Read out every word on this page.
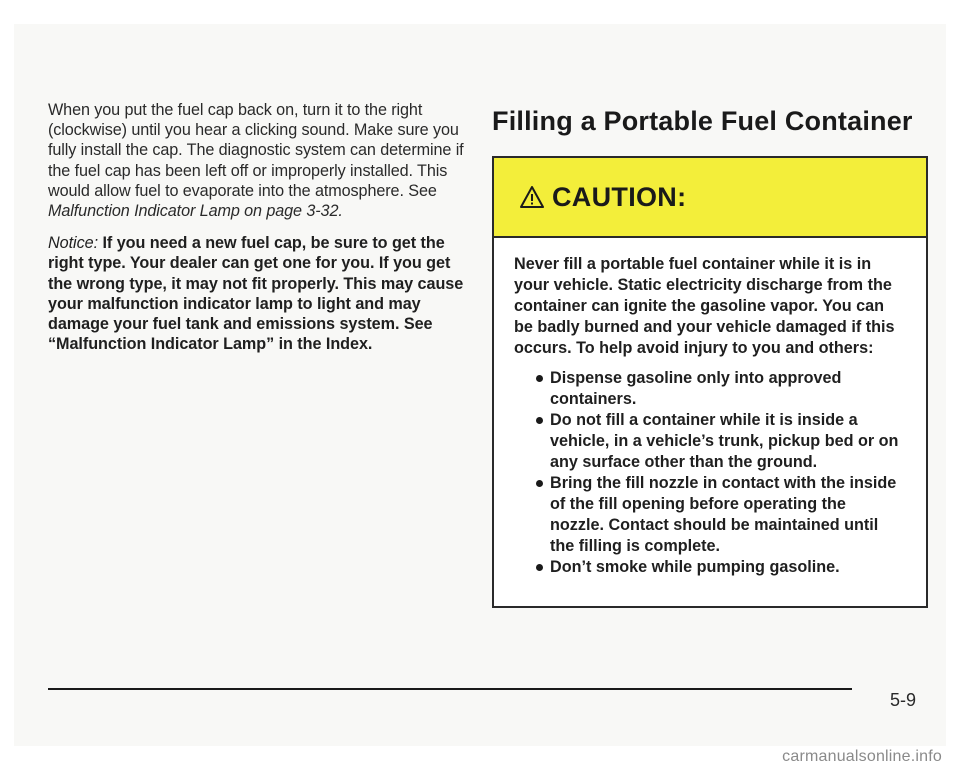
When you put the fuel cap back on, turn it to the right (clockwise) until you hear a clicking sound. Make sure you fully install the cap. The diagnostic system can determine if the fuel cap has been left off or improperly installed. This would allow fuel to evaporate into the atmosphere. See Malfunction Indicator Lamp on page 3-32.

Notice: If you need a new fuel cap, be sure to get the right type. Your dealer can get one for you. If you get the wrong type, it may not fit properly. This may cause your malfunction indicator lamp to light and may damage your fuel tank and emissions system. See “Malfunction Indicator Lamp” in the Index.

Filling a Portable Fuel Container
CAUTION:

Never fill a portable fuel container while it is in your vehicle. Static electricity discharge from the container can ignite the gasoline vapor. You can be badly burned and your vehicle damaged if this occurs. To help avoid injury to you and others:

Dispense gasoline only into approved containers.
Do not fill a container while it is inside a vehicle, in a vehicle’s trunk, pickup bed or on any surface other than the ground.
Bring the fill nozzle in contact with the inside of the fill opening before operating the nozzle. Contact should be maintained until the filling is complete.
Don’t smoke while pumping gasoline.
5-9
carmanualsonline.info
